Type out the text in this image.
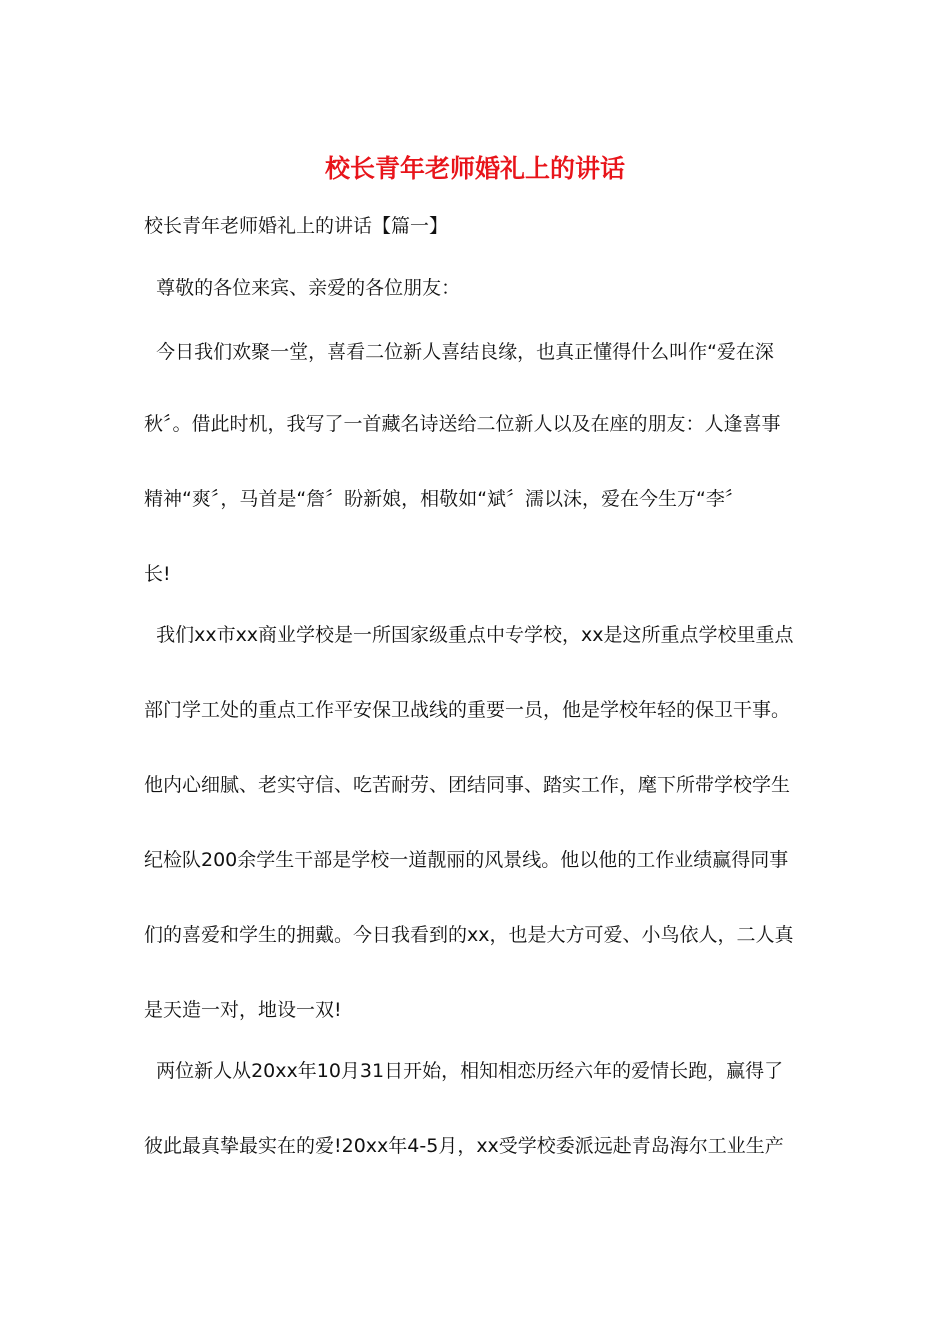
校长青年老师婚礼上的讲话

校长青年老师婚礼上的讲话【篇一】

尊敬的各位来宾、亲爱的各位朋友：

今日我们欢聚一堂，喜看二位新人喜结良缘，也真正懂得什么叫作“爱在深

秋〞。借此时机，我写了一首藏名诗送给二位新人以及在座的朋友：人逢喜事

精神“爽〞，马首是“詹〞盼新娘，相敬如“斌〞濡以沫，爱在今生万“李〞

长!

我们xx市xx商业学校是一所国家级重点中专学校，xx是这所重点学校里重点

部门学工处的重点工作平安保卫战线的重要一员，他是学校年轻的保卫干事。

他内心细腻、老实守信、吃苦耐劳、团结同事、踏实工作，麾下所带学校学生

纪检队200余学生干部是学校一道靓丽的风景线。他以他的工作业绩赢得同事

们的喜爱和学生的拥戴。今日我看到的xx，也是大方可爱、小鸟依人，二人真

是天造一对，地设一双!

两位新人从20xx年10月31日开始，相知相恋历经六年的爱情长跑，赢得了

彼此最真挚最实在的爱!20xx年4-5月，xx受学校委派远赴青岛海尔工业生产
